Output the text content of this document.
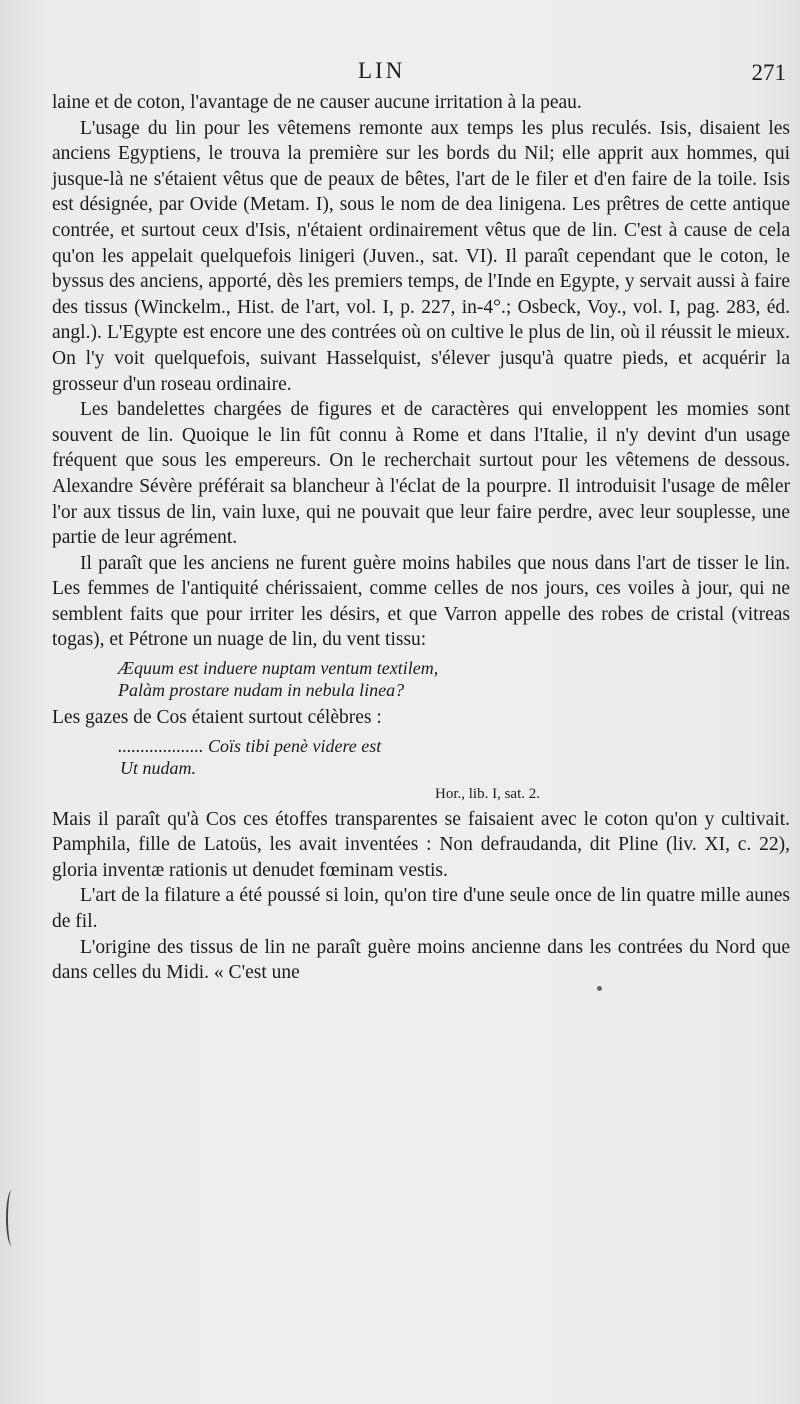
LIN	271

laine et de coton, l'avantage de ne causer aucune irritation à la peau.

L'usage du lin pour les vêtemens remonte aux temps les plus reculés. Isis, disaient les anciens Egyptiens, le trouva la première sur les bords du Nil; elle apprit aux hommes, qui jusque-là ne s'étaient vêtus que de peaux de bêtes, l'art de le filer et d'en faire de la toile. Isis est désignée, par Ovide (Metam. I), sous le nom de dea linigena. Les prêtres de cette antique contrée, et surtout ceux d'Isis, n'étaient ordinairement vêtus que de lin. C'est à cause de cela qu'on les appelait quelquefois linigeri (Juven., sat. VI). Il paraît cependant que le coton, le byssus des anciens, apporté, dès les premiers temps, de l'Inde en Egypte, y servait aussi à faire des tissus (Winckelm., Hist. de l'art, vol. I, p. 227, in-4°.; Osbeck, Voy., vol. I, pag. 283, éd. angl.). L'Egypte est encore une des contrées où on cultive le plus de lin, où il réussit le mieux. On l'y voit quelquefois, suivant Hasselquist, s'élever jusqu'à quatre pieds, et acquérir la grosseur d'un roseau ordinaire.

Les bandelettes chargées de figures et de caractères qui enveloppent les momies sont souvent de lin. Quoique le lin fût connu à Rome et dans l'Italie, il n'y devint d'un usage fréquent que sous les empereurs. On le recherchait surtout pour les vêtemens de dessous. Alexandre Sévère préférait sa blancheur à l'éclat de la pourpre. Il introduisit l'usage de mêler l'or aux tissus de lin, vain luxe, qui ne pouvait que leur faire perdre, avec leur souplesse, une partie de leur agrément.

Il paraît que les anciens ne furent guère moins habiles que nous dans l'art de tisser le lin. Les femmes de l'antiquité chérissaient, comme celles de nos jours, ces voiles à jour, qui ne semblent faits que pour irriter les désirs, et que Varron appelle des robes de cristal (vitreas togas), et Pétrone un nuage de lin, du vent tissu:

Æquum est induere nuptam ventum textilem,
Palàm prostare nudam in nebula linea?

Les gazes de Cos étaient surtout célèbres :

................... Coïs tibi penè videre est
Ut nudam.
Hor., lib. I, sat. 2.

Mais il paraît qu'à Cos ces étoffes transparentes se faisaient avec le coton qu'on y cultivait. Pamphila, fille de Latoüs, les avait inventées : Non defraudanda, dit Pline (liv. XI, c. 22), gloria inventæ rationis ut denudet fœminam vestis.

L'art de la filature a été poussé si loin, qu'on tire d'une seule once de lin quatre mille aunes de fil.

L'origine des tissus de lin ne paraît guère moins ancienne dans les contrées du Nord que dans celles du Midi. « C'est une
